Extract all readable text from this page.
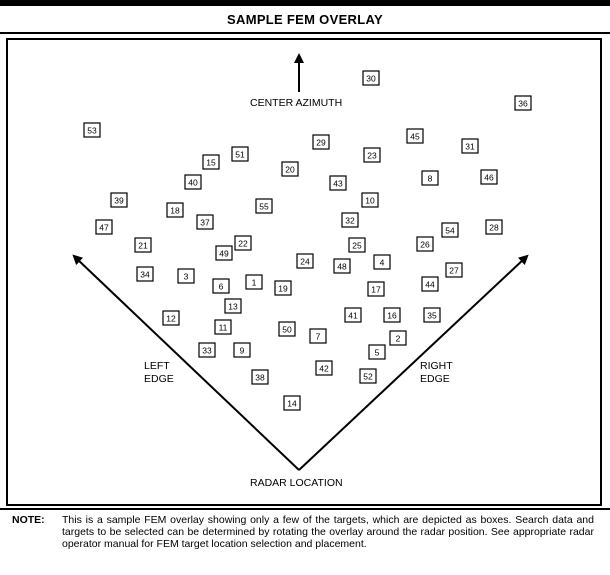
SAMPLE FEM OVERLAY
30
36
53
29
45
31
15
51
20
23
8	46
40	43
10
39
18	55
32
47	37	28
22	25
54
21
49
26
24	48	4
27
34	3
6	1
19	17	44
13
12	41	16	35
11	50
7	2
33	9	5
42
38	52
14
CENTER AZIMUTH
LEFT
EDGE
RIGHT
EDGE
RADAR LOCATION
NOTE: This is a sample FEM overlay showing only a few of the targets, which are depicted as boxes. Search data and targets to be selected can be determined by rotating the overlay around the radar position. See appropriate radar operator manual for FEM target location selection and placement.
